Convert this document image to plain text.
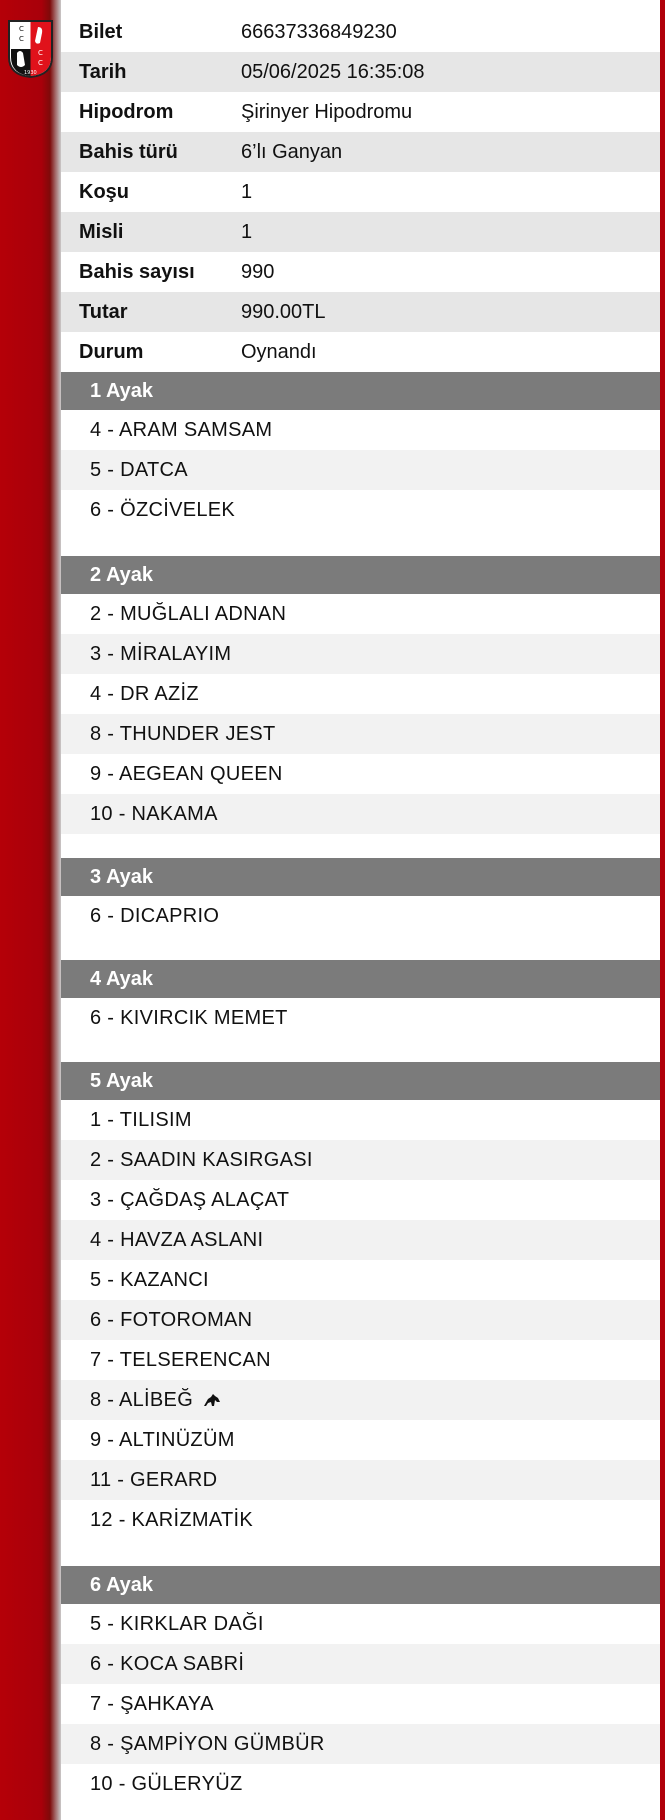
C
C
C
C
1930
Bilet	66637336849230
Tarih	05/06/2025 16:35:08
Hipodrom	Şirinyer Hipodromu
Bahis türü	6’lı Ganyan
Koşu	1
Misli	1
Bahis sayısı	990
Tutar	990.00TL
Durum	Oynandı
1 Ayak
4 - ARAM SAMSAM
5 - DATCA
6 - ÖZCİVELEK
2 Ayak
2 - MUĞLALI ADNAN
3 - MİRALAYIM
4 - DR AZİZ
8 - THUNDER JEST
9 - AEGEAN QUEEN
10 - NAKAMA
3 Ayak
6 - DICAPRIO
4 Ayak
6 - KIVIRCIK MEMET
5 Ayak
1 - TILISIM
2 - SAADIN KASIRGASI
3 - ÇAĞDAŞ ALAÇAT
4 - HAVZA ASLANI
5 - KAZANCI
6 - FOTOROMAN
7 - TELSERENCAN
8 - ALİBEĞ
9 - ALTINÜZÜM
11 - GERARD
12 - KARİZMATİK
6 Ayak
5 - KIRKLAR DAĞI
6 - KOCA SABRİ
7 - ŞAHKAYA
8 - ŞAMPİYON GÜMBÜR
10 - GÜLERYÜZ
